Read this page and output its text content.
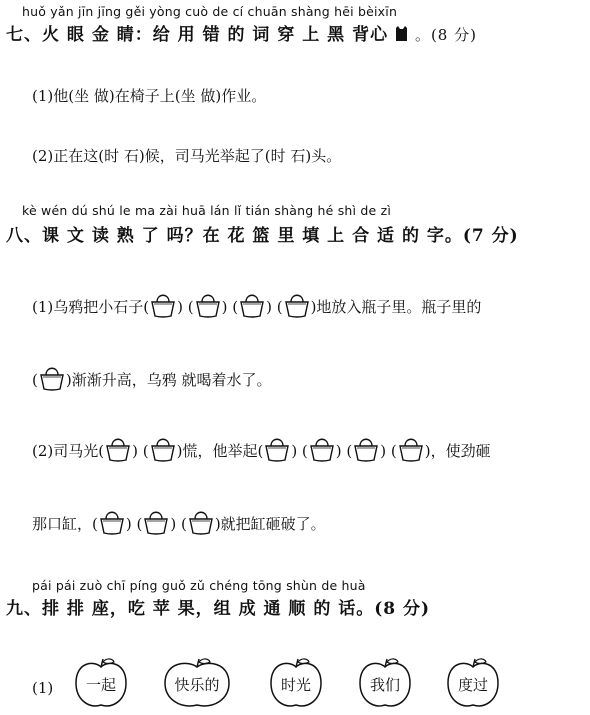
huǒ yǎn jīn jīng gěi yòng cuò de cí chuān shàng hēi bèixīn
七、火 眼 金 睛：给 用 错 的 词 穿 上 黑 背心 。(8 分)
(1)他(坐 做)在椅子上(坐 做)作业。
(2)正在这(时 石)候，司马光举起了(时 石)头。
kè wén dú shú le ma zài huā lán lǐ tián shàng hé shì de zì
八、课 文 读 熟 了 吗？在 花 篮 里 填 上 合 适 的 字。(7 分)
(1)乌鸦把小石子( ) ( ) ( ) ( )地放入瓶子里。瓶子里的
( )渐渐升高，乌鸦 就喝着水了。
(2)司马光( ) ( )慌，他举起( ) ( ) ( ) ( )，使劲砸
那口缸，( ) ( ) ( )就把缸砸破了。
pái pái zuò chī píng guǒ zǔ chéng tōng shùn de huà
九、排 排 座，吃 苹 果，组 成 通 顺 的 话。(8 分)
(1)	一起	快乐的	时光	我们	度过
